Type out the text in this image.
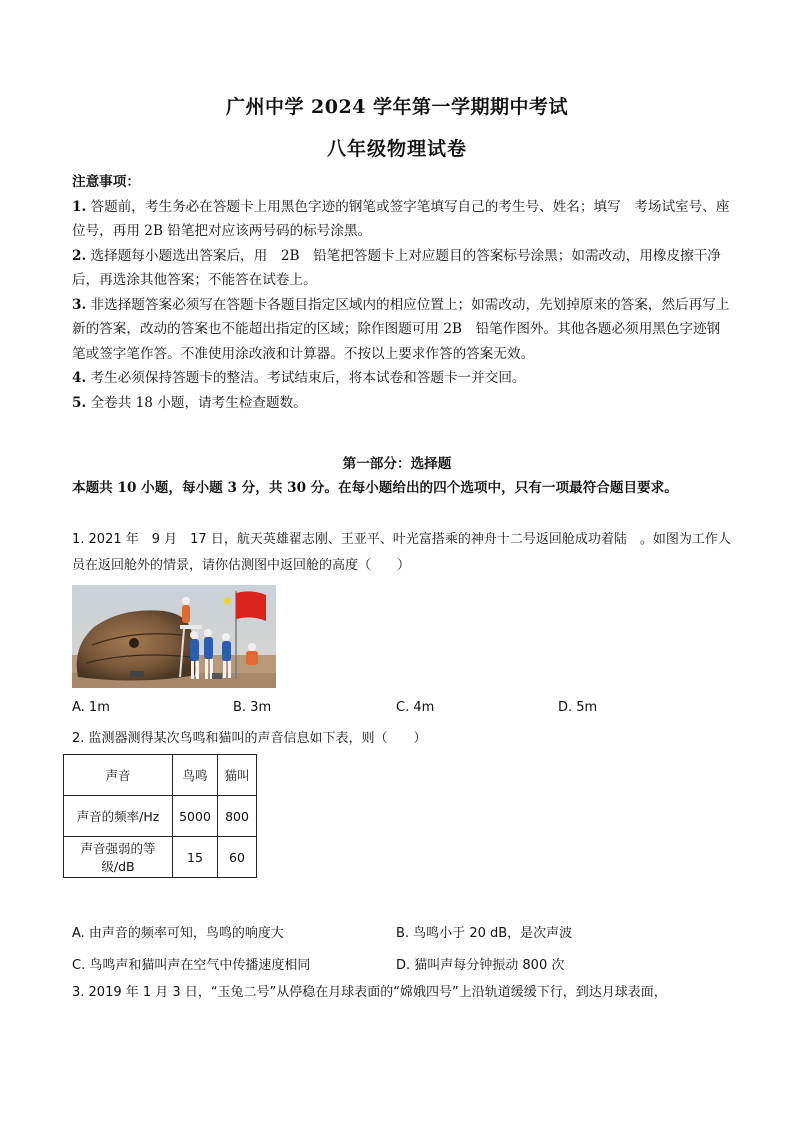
广州中学 2024 学年第一学期期中考试
八年级物理试卷

注意事项：

1. 答题前，考生务必在答题卡上用黑色字迹的钢笔或签字笔填写自己的考生号、姓名；填写　考场试室号、座位号，再用 2B 铅笔把对应该两号码的标号涂黑。

2. 选择题每小题选出答案后，用　2B　铅笔把答题卡上对应题目的答案标号涂黑；如需改动，用橡皮擦干净后，再选涂其他答案；不能答在试卷上。

3. 非选择题答案必须写在答题卡各题目指定区域内的相应位置上；如需改动，先划掉原来的答案，然后再写上新的答案，改动的答案也不能超出指定的区域；除作图题可用 2B　铅笔作图外。其他各题必须用黑色字迹钢笔或签字笔作答。不准使用涂改液和计算器。不按以上要求作答的答案无效。

4. 考生必须保持答题卡的整洁。考试结束后，将本试卷和答题卡一并交回。

5. 全卷共 18 小题，请考生检查题数。

第一部分：选择题

本题共 10 小题，每小题 3 分，共 30 分。在每小题给出的四个选项中，只有一项最符合题目要求。

1. 2021 年　9 月　17 日，航天英雄翟志刚、王亚平、叶光富搭乘的神舟十二号返回舱成功着陆　。如图为工作人员在返回舱外的情景，请你估测图中返回舱的高度（　　）

A. 1m	B. 3m	C. 4m	D. 5m

2. 监测器测得某次鸟鸣和猫叫的声音信息如下表，则（　　）

声音	鸟鸣	猫叫
声音的频率/Hz	5000	800
声音强弱的等级/dB	15	60
A. 由声音的频率可知，鸟鸣的响度大	B. 鸟鸣小于 20 dB，是次声波
C. 鸟鸣声和猫叫声在空气中传播速度相同	D. 猫叫声每分钟振动 800 次

3. 2019 年 1 月 3 日，“玉兔二号”从停稳在月球表面的“嫦娥四号”上沿轨道缓缓下行，到达月球表面，
